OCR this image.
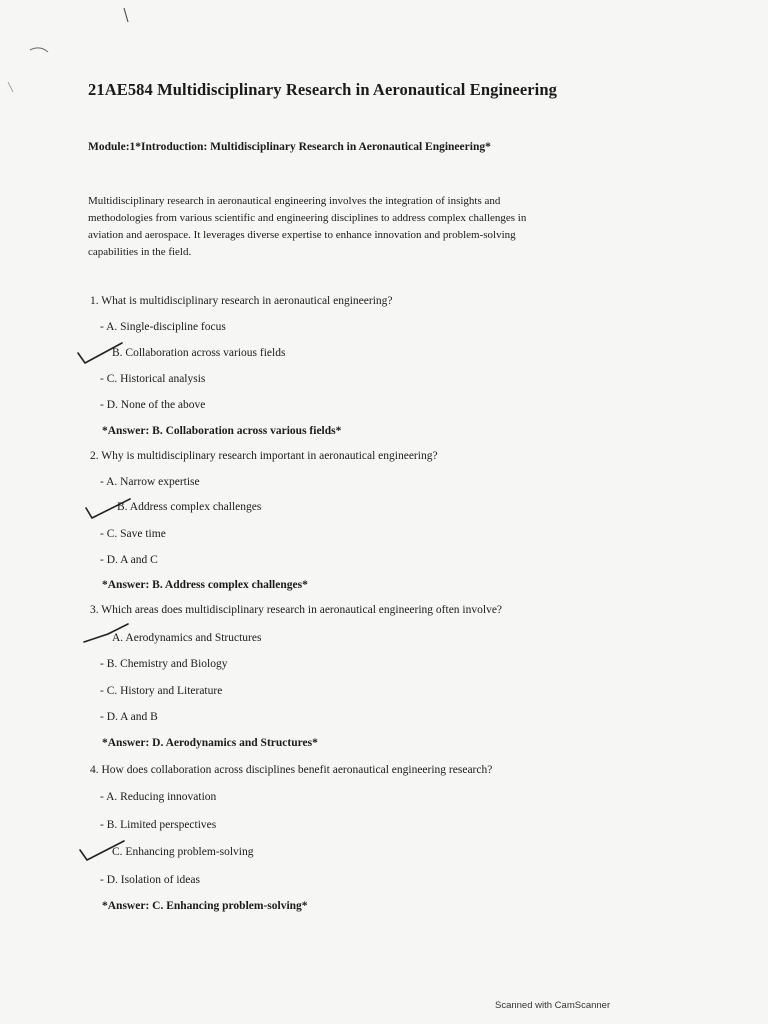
21AE584 Multidisciplinary Research in Aeronautical Engineering
Module:1*Introduction: Multidisciplinary Research in Aeronautical Engineering*
Multidisciplinary research in aeronautical engineering involves the integration of insights and
methodologies from various scientific and engineering disciplines to address complex challenges in
aviation and aerospace. It leverages diverse expertise to enhance innovation and problem-solving
capabilities in the field.
1. What is multidisciplinary research in aeronautical engineering?
- A. Single-discipline focus
B. Collaboration across various fields
- C. Historical analysis
- D. None of the above
*Answer: B. Collaboration across various fields*
2. Why is multidisciplinary research important in aeronautical engineering?
- A. Narrow expertise
B. Address complex challenges
- C. Save time
- D. A and C
*Answer: B. Address complex challenges*
3. Which areas does multidisciplinary research in aeronautical engineering often involve?
A. Aerodynamics and Structures
- B. Chemistry and Biology
- C. History and Literature
- D. A and B
*Answer: D. Aerodynamics and Structures*
4. How does collaboration across disciplines benefit aeronautical engineering research?
- A. Reducing innovation
- B. Limited perspectives
C. Enhancing problem-solving
- D. Isolation of ideas
*Answer: C. Enhancing problem-solving*
Scanned with CamScanner
